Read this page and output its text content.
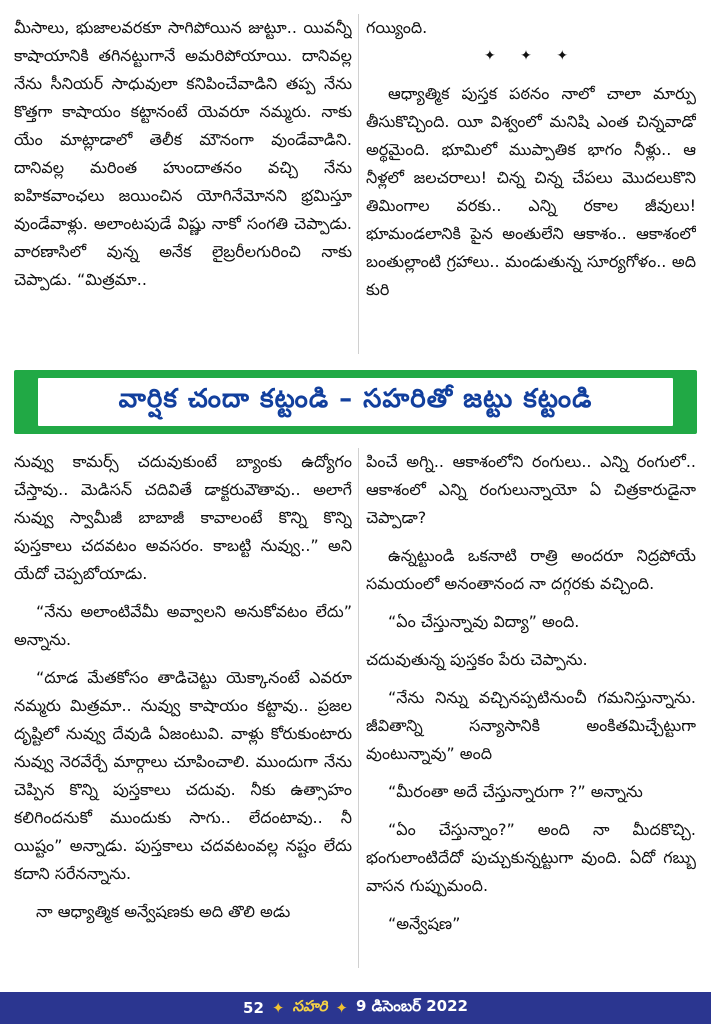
మీసాలు, భుజాలవరకూ సాగిపోయిన జుట్టూ.. యివన్నీ కాషాయానికి తగినట్టుగానే అమరిపోయాయి. దానివల్ల నేను సీనియర్‌ సాధువులా కనిపించేవాడిని తప్ప నేను కొత్తగా కాషాయం కట్టానంటే యెవరూ నమ్మరు. నాకు యేం మాట్లాడాలో తెలీక మౌనంగా వుండేవాడిని. దానివల్ల మరింత హుందాతనం వచ్చి నేను ఐహికవాంఛలు జయించిన యోగినేమోనని భ్రమిస్తూ వుండేవాళ్లు. అలాంటపుడే విష్ణు నాకో సంగతి చెప్పాడు. వారణాసిలో వున్న అనేక లైబ్రరీలగురించి నాకు చెప్పాడు. “మిత్రమా..

గయ్యింది.

✦ ✦ ✦

ఆధ్యాత్మిక పుస్తక పఠనం నాలో చాలా మార్పు తీసుకొచ్చింది. యీ విశ్వంలో మనిషి ఎంత చిన్నవాడో అర్థమైంది. భూమిలో ముప్పాతిక భాగం నీళ్లు.. ఆ నీళ్లలో జలచరాలు! చిన్న చిన్న చేపలు మొదలుకొని తిమింగాల వరకు.. ఎన్ని రకాల జీవులు! భూమండలానికి పైన అంతులేని ఆకాశం.. ఆకాశంలో బంతుల్లాంటి గ్రహాలు.. మండుతున్న సూర్యగోళం.. అది కురి

వార్షిక చందా కట్టండి – సహరితో జట్టు కట్టండి

నువ్వు కామర్స్‌ చదువుకుంటే బ్యాంకు ఉద్యోగం చేస్తావు.. మెడిసన్‌ చదివితే డాక్టరువౌతావు.. అలాగే నువ్వు స్వామీజీ బాబాజీ కావాలంటే కొన్ని కొన్ని పుస్తకాలు చదవటం అవసరం. కాబట్టి నువ్వు..” అని యేదో చెప్పబోయాడు.

“నేను అలాంటివేమీ అవ్వాలని అనుకోవటం లేదు” అన్నాను.

“దూడ మేతకోసం తాడిచెట్టు యెక్కానంటే ఎవరూ నమ్మరు మిత్రమా.. నువ్వు కాషాయం కట్టావు.. ప్రజల దృష్టిలో నువ్వు దేవుడి ఏజంటువి. వాళ్లు కోరుకుంటారు నువ్వు నెరవేర్చే మార్గాలు చూపించాలి. ముందుగా నేను చెప్పిన కొన్ని పుస్తకాలు చదువు. నీకు ఉత్సాహం కలిగిందనుకో ముందుకు సాగు.. లేదంటావు.. నీ యిష్టం” అన్నాడు. పుస్తకాలు చదవటంవల్ల నష్టం లేదు కదాని సరేనన్నాను.

నా ఆధ్యాత్మిక అన్వేషణకు అది తొలి అడు

పించే అగ్ని.. ఆకాశంలోని రంగులు.. ఎన్ని రంగులో.. ఆకాశంలో ఎన్ని రంగులున్నాయో ఏ చిత్రకారుడైనా చెప్పాడా?

ఉన్నట్టుండి ఒకనాటి రాత్రి అందరూ నిద్రపోయే సమయంలో అనంతానంద నా దగ్గరకు వచ్చింది.

“ఏం చేస్తున్నావు విద్యా” అంది.

చదువుతున్న పుస్తకం పేరు చెప్పాను.

“నేను నిన్ను వచ్చినప్పటినుంచీ గమనిస్తున్నాను. జీవితాన్ని సన్యాసానికి అంకితమిచ్చేట్టుగా వుంటున్నావు” అంది

“మీరంతా అదే చేస్తున్నారుగా ?” అన్నాను

“ఏం చేస్తున్నాం?” అంది నా మీదకొచ్చి. భంగులాంటిదేదో పుచ్చుకున్నట్టుగా వుంది. ఏదో గబ్బు వాసన గుప్పుమంది.

“అన్వేషణ”

52 ✦ సహరి ✦ 9 డిసెంబర్‌ 2022
